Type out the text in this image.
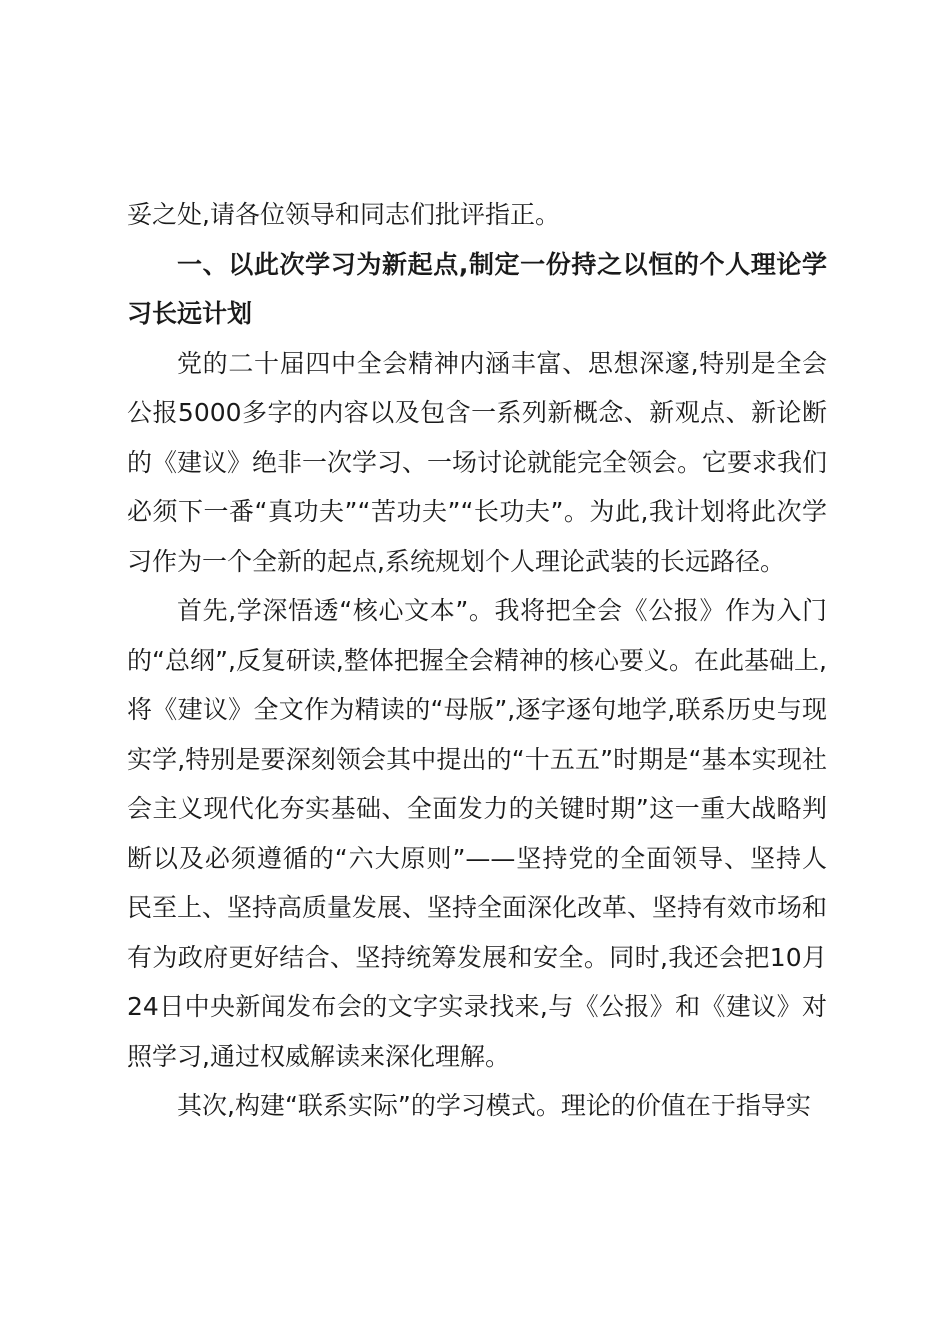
妥之处,请各位领导和同志们批评指正。

一、以此次学习为新起点,制定一份持之以恒的个人理论学习长远计划

党的二十届四中全会精神内涵丰富、思想深邃,特别是全会公报5000多字的内容以及包含一系列新概念、新观点、新论断的《建议》绝非一次学习、一场讨论就能完全领会。它要求我们必须下一番“真功夫”“苦功夫”“长功夫”。为此,我计划将此次学习作为一个全新的起点,系统规划个人理论武装的长远路径。

首先,学深悟透“核心文本”。我将把全会《公报》作为入门的“总纲”,反复研读,整体把握全会精神的核心要义。在此基础上,将《建议》全文作为精读的“母版”,逐字逐句地学,联系历史与现实学,特别是要深刻领会其中提出的“十五五”时期是“基本实现社会主义现代化夯实基础、全面发力的关键时期”这一重大战略判断以及必须遵循的“六大原则”——坚持党的全面领导、坚持人民至上、坚持高质量发展、坚持全面深化改革、坚持有效市场和有为政府更好结合、坚持统筹发展和安全。同时,我还会把10月24日中央新闻发布会的文字实录找来,与《公报》和《建议》对照学习,通过权威解读来深化理解。

其次,构建“联系实际”的学习模式。理论的价值在于指导实
